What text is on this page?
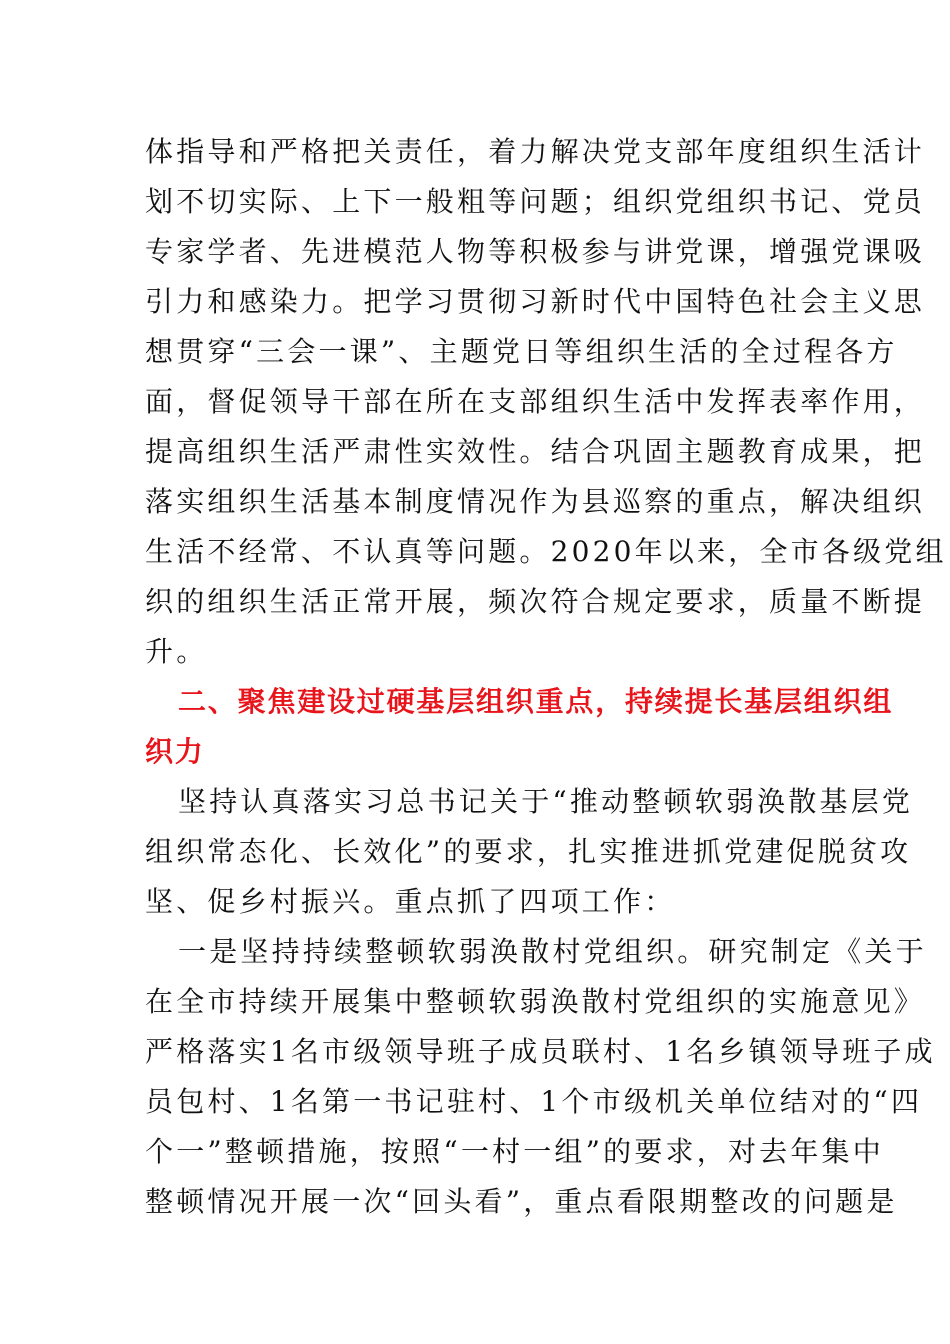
体指导和严格把关责任，着力解决党支部年度组织生活计
划不切实际、上下一般粗等问题；组织党组织书记、党员
专家学者、先进模范人物等积极参与讲党课，增强党课吸
引力和感染力。把学习贯彻习新时代中国特色社会主义思
想贯穿“三会一课”、主题党日等组织生活的全过程各方
面，督促领导干部在所在支部组织生活中发挥表率作用，
提高组织生活严肃性实效性。结合巩固主题教育成果，把
落实组织生活基本制度情况作为县巡察的重点，解决组织
生活不经常、不认真等问题。2020年以来，全市各级党组
织的组织生活正常开展，频次符合规定要求，质量不断提
升。
二、聚焦建设过硬基层组织重点，持续提长基层组织组
织力
坚持认真落实习总书记关于“推动整顿软弱涣散基层党
组织常态化、长效化”的要求，扎实推进抓党建促脱贫攻
坚、促乡村振兴。重点抓了四项工作：
一是坚持持续整顿软弱涣散村党组织。研究制定《关于
在全市持续开展集中整顿软弱涣散村党组织的实施意见》
严格落实1名市级领导班子成员联村、1名乡镇领导班子成
员包村、1名第一书记驻村、1个市级机关单位结对的“四
个一”整顿措施，按照“一村一组”的要求，对去年集中
整顿情况开展一次“回头看”，重点看限期整改的问题是
